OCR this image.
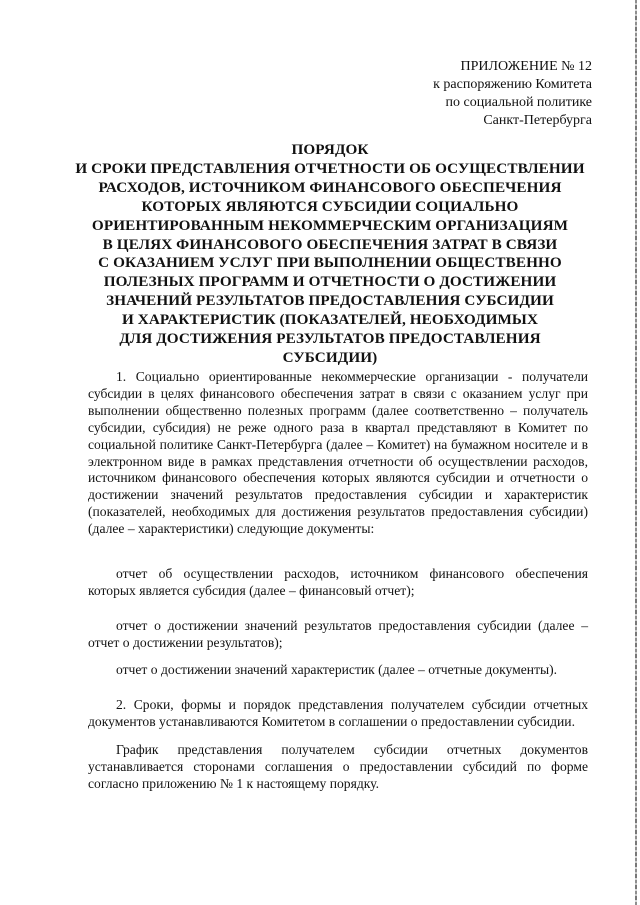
ПРИЛОЖЕНИЕ № 12
к распоряжению Комитета
по социальной политике
Санкт-Петербурга
ПОРЯДОК
И СРОКИ ПРЕДСТАВЛЕНИЯ ОТЧЕТНОСТИ ОБ ОСУЩЕСТВЛЕНИИ
РАСХОДОВ, ИСТОЧНИКОМ ФИНАНСОВОГО ОБЕСПЕЧЕНИЯ
КОТОРЫХ ЯВЛЯЮТСЯ СУБСИДИИ СОЦИАЛЬНО
ОРИЕНТИРОВАННЫМ НЕКОММЕРЧЕСКИМ ОРГАНИЗАЦИЯМ
В ЦЕЛЯХ ФИНАНСОВОГО ОБЕСПЕЧЕНИЯ ЗАТРАТ В СВЯЗИ
С ОКАЗАНИЕМ УСЛУГ ПРИ ВЫПОЛНЕНИИ ОБЩЕСТВЕННО
ПОЛЕЗНЫХ ПРОГРАММ И ОТЧЕТНОСТИ О ДОСТИЖЕНИИ
ЗНАЧЕНИЙ РЕЗУЛЬТАТОВ ПРЕДОСТАВЛЕНИЯ СУБСИДИИ
И ХАРАКТЕРИСТИК (ПОКАЗАТЕЛЕЙ, НЕОБХОДИМЫХ
ДЛЯ ДОСТИЖЕНИЯ РЕЗУЛЬТАТОВ ПРЕДОСТАВЛЕНИЯ
СУБСИДИИ)

1. Социально ориентированные некоммерческие организации - получатели субсидии в целях финансового обеспечения затрат в связи с оказанием услуг при выполнении общественно полезных программ (далее соответственно – получатель субсидии, субсидия) не реже одного раза в квартал представляют в Комитет по социальной политике Санкт-Петербурга (далее – Комитет) на бумажном носителе и в электронном виде в рамках представления отчетности об осуществлении расходов, источником финансового обеспечения которых являются субсидии и отчетности о достижении значений результатов предоставления субсидии и характеристик (показателей, необходимых для достижения результатов предоставления субсидии) (далее – характеристики) следующие документы:

отчет об осуществлении расходов, источником финансового обеспечения которых является субсидия (далее – финансовый отчет);

отчет о достижении значений результатов предоставления субсидии (далее – отчет о достижении результатов);

отчет о достижении значений характеристик (далее – отчетные документы).

2. Сроки, формы и порядок представления получателем субсидии отчетных документов устанавливаются Комитетом в соглашении о предоставлении субсидии.

График представления получателем субсидии отчетных документов устанавливается сторонами соглашения о предоставлении субсидий по форме согласно приложению № 1 к настоящему порядку.
